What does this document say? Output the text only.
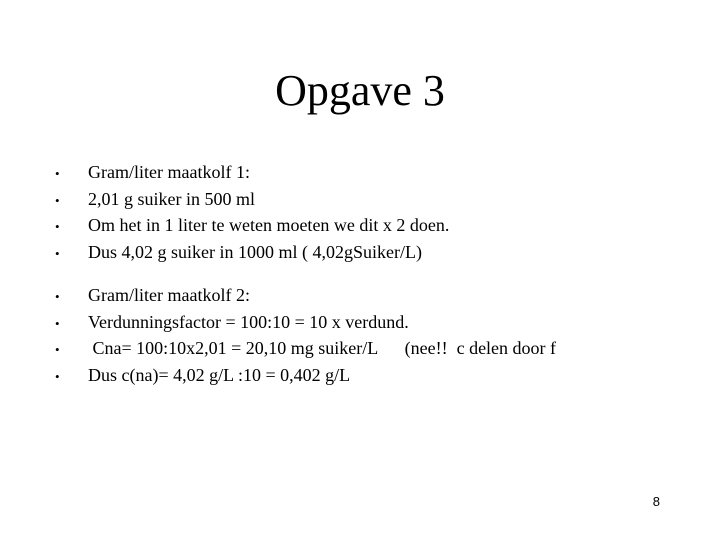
Opgave 3
• Gram/liter maatkolf 1:
• 2,01 g suiker in 500 ml
• Om het in 1 liter te weten moeten we dit x 2 doen.
• Dus 4,02 g suiker in 1000 ml ( 4,02gSuiker/L)
• Gram/liter maatkolf 2:
• Verdunningsfactor = 100:10 = 10 x verdund.
• Cna= 100:10x2,01 = 20,10 mg suiker/L      (nee!!  c delen door f
• Dus c(na)= 4,02 g/L :10 = 0,402 g/L
8
